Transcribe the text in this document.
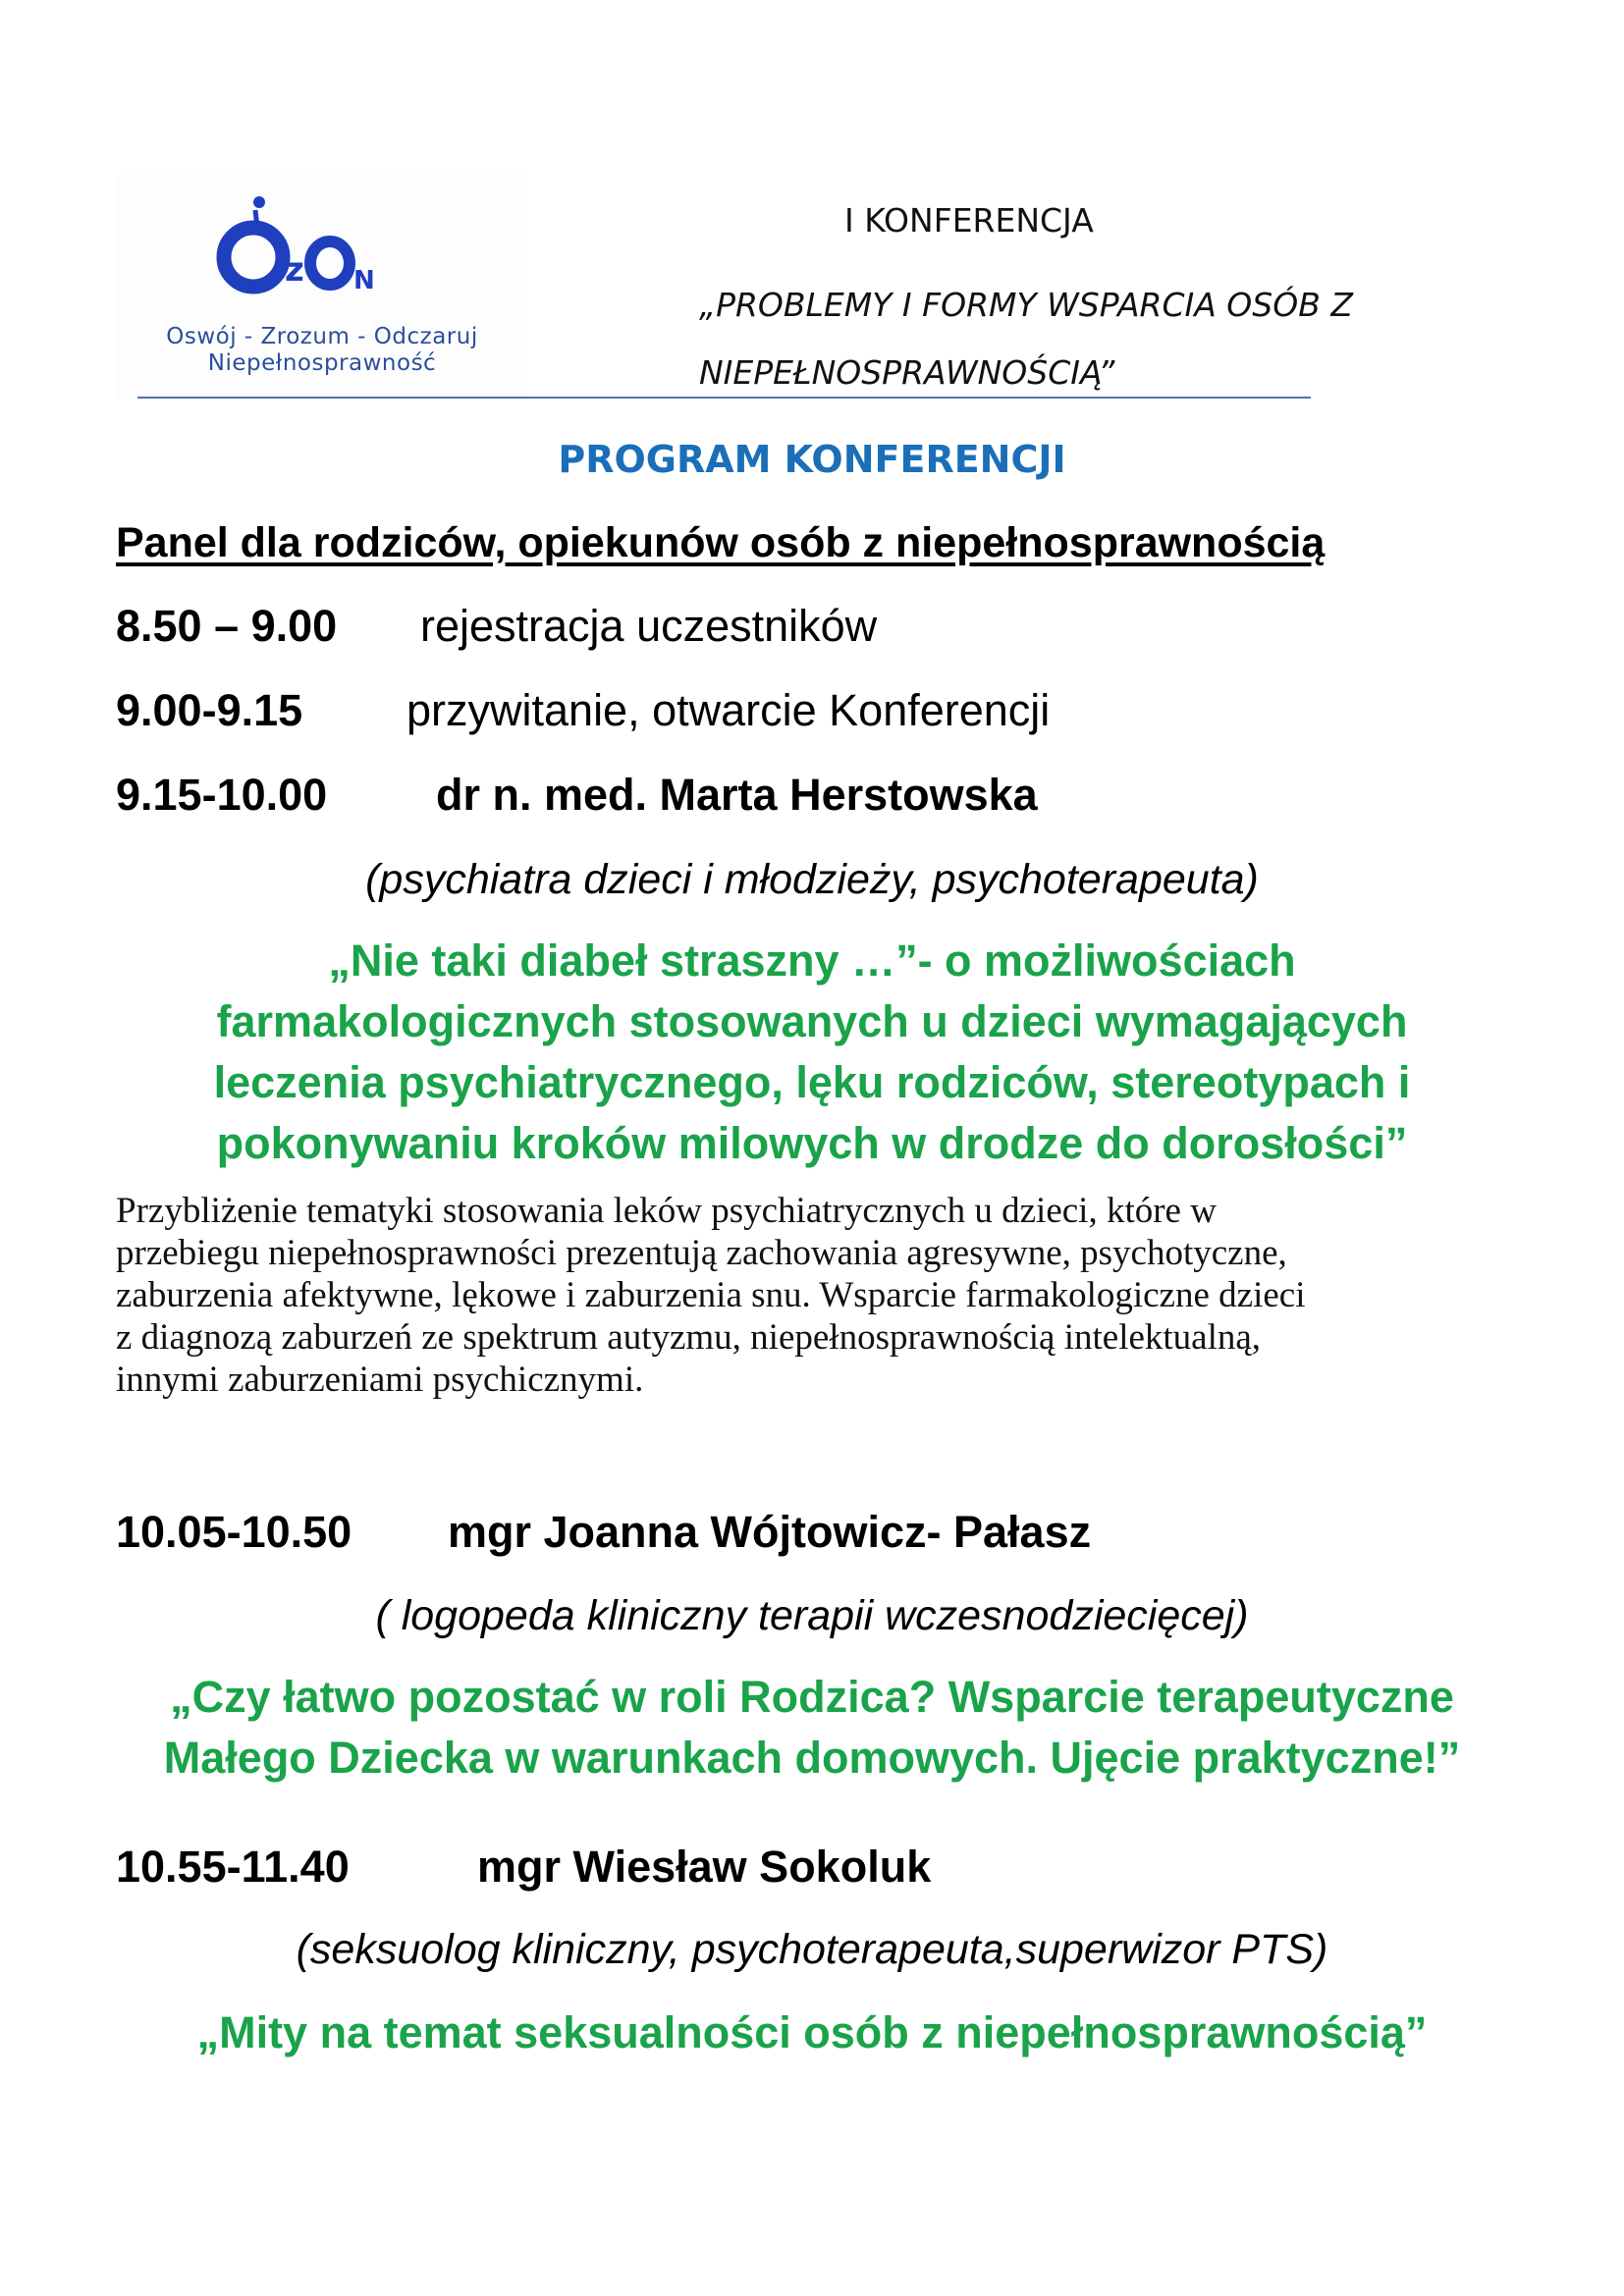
z N
Oswój - Zrozum - Odczaruj
Niepełnosprawność
I KONFERENCJA
„PROBLEMY I FORMY WSPARCIA OSÓB Z
NIEPEŁNOSPRAWNOŚCIĄ”
PROGRAM KONFERENCJI
Panel dla rodziców, opiekunów osób z niepełnosprawnością
8.50 – 9.00 rejestracja uczestników
9.00-9.15 przywitanie, otwarcie Konferencji
9.15-10.00 dr n. med. Marta Herstowska
(psychiatra dzieci i młodzieży, psychoterapeuta)
„Nie taki diabeł straszny …”- o możliwościach
farmakologicznych stosowanych u dzieci wymagających
leczenia psychiatrycznego, lęku rodziców, stereotypach i
pokonywaniu kroków milowych w drodze do dorosłości”
Przybliżenie tematyki stosowania leków psychiatrycznych u dzieci, które w
przebiegu niepełnosprawności prezentują zachowania agresywne, psychotyczne,
zaburzenia afektywne, lękowe i zaburzenia snu. Wsparcie farmakologiczne dzieci
z diagnozą zaburzeń ze spektrum autyzmu, niepełnosprawnością intelektualną,
innymi zaburzeniami psychicznymi.
10.05-10.50 mgr Joanna Wójtowicz- Pałasz
( logopeda kliniczny terapii wczesnodziecięcej)
„Czy łatwo pozostać w roli Rodzica? Wsparcie terapeutyczne
Małego Dziecka w warunkach domowych. Ujęcie praktyczne!”
10.55-11.40	mgr Wiesław Sokoluk
(seksuolog kliniczny, psychoterapeuta,superwizor PTS)
„Mity na temat seksualności osób z niepełnosprawnością”
